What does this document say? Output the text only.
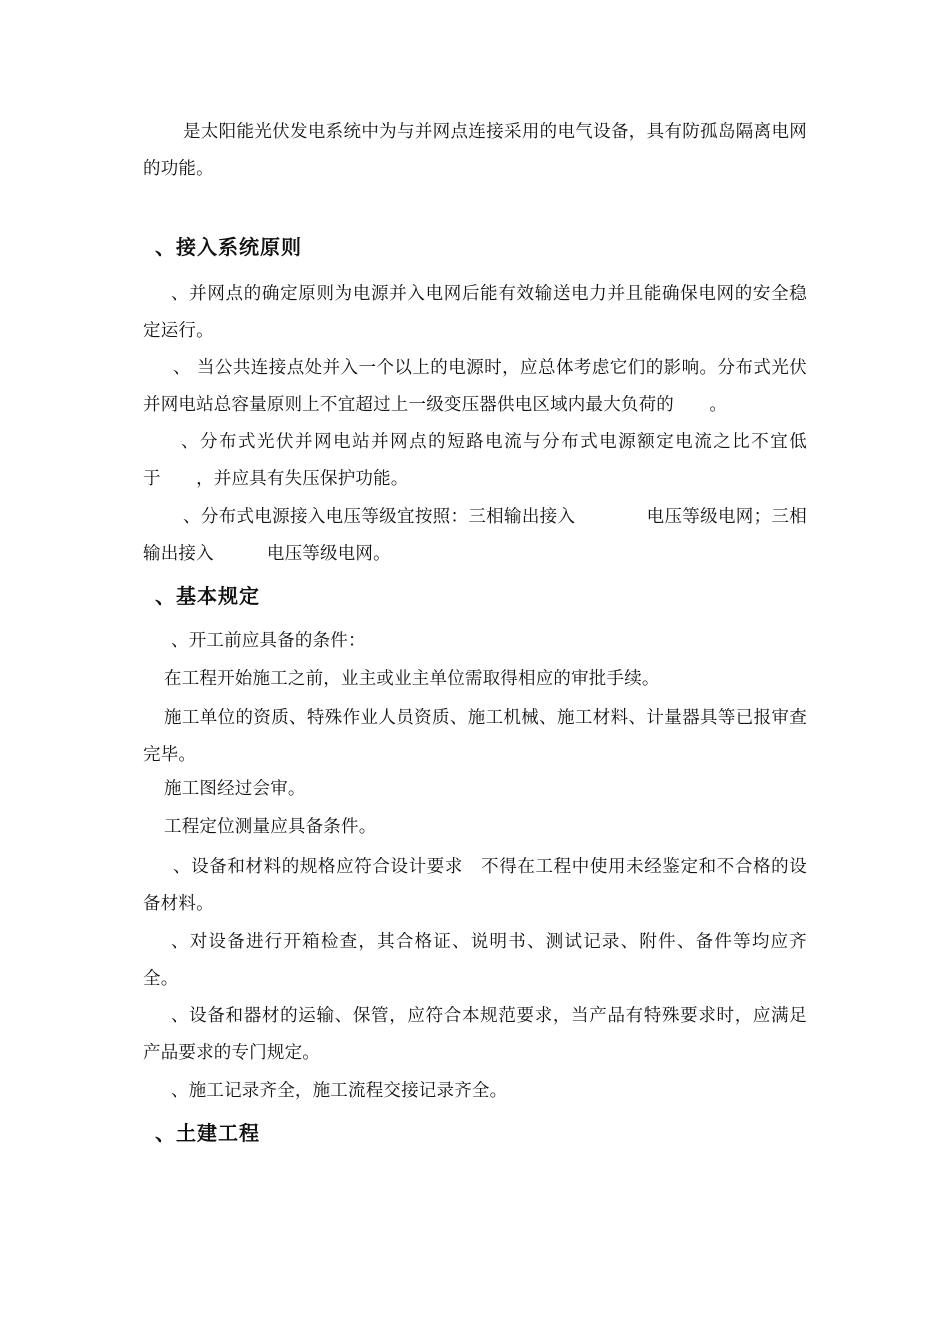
是太阳能光伏发电系统中为与并网点连接采用的电气设备，具有防孤岛隔离电网的功能。
、接入系统原则
、并网点的确定原则为电源并入电网后能有效输送电力并且能确保电网的安全稳定运行。
、 当公共连接点处并入一个以上的电源时，应总体考虑它们的影响。分布式光伏并网电站总容量原则上不宜超过上一级变压器供电区域内最大负荷的　　。
、分布式光伏并网电站并网点的短路电流与分布式电源额定电流之比不宜低于　　，并应具有失压保护功能。
、分布式电源接入电压等级宜按照：三相输出接入　　　　电压等级电网；三相输出接入　　　电压等级电网。
、基本规定
、开工前应具备的条件：
在工程开始施工之前，业主或业主单位需取得相应的审批手续。
施工单位的资质、特殊作业人员资质、施工机械、施工材料、计量器具等已报审查完毕。
施工图经过会审。
工程定位测量应具备条件。
、设备和材料的规格应符合设计要求　不得在工程中使用未经鉴定和不合格的设备材料。
、对设备进行开箱检查，其合格证、说明书、测试记录、附件、备件等均应齐全。
、设备和器材的运输、保管，应符合本规范要求，当产品有特殊要求时，应满足产品要求的专门规定。
、施工记录齐全，施工流程交接记录齐全。
、土建工程
